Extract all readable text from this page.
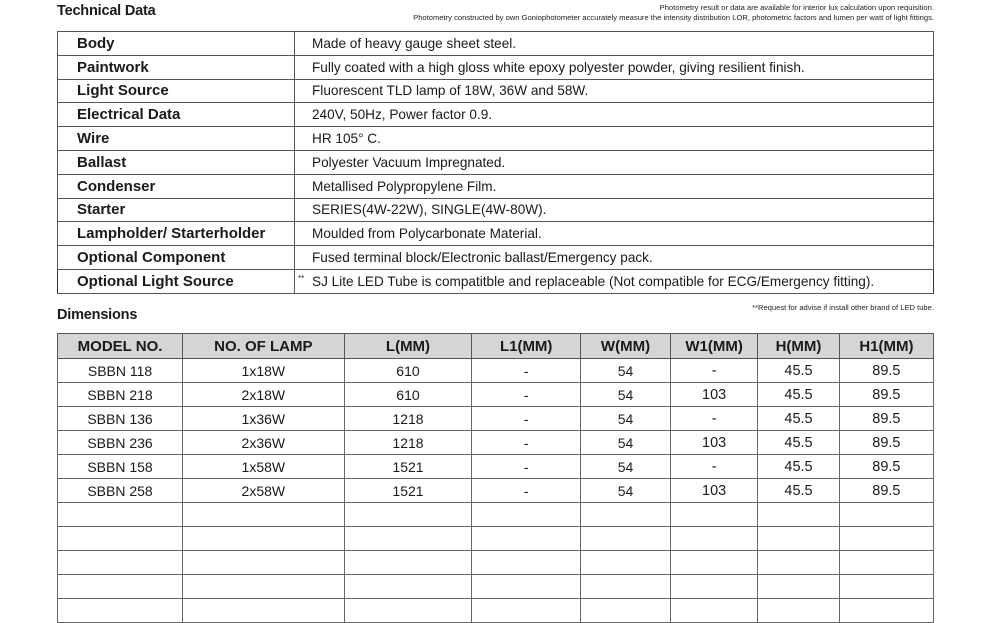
Technical Data	Photometry result or data are available for interior lux calculation upon requisition.
Photometry constructed by own Goniophotometer accurately measure the intensity distribution LOR, photometric factors and lumen per watt of light fittings.
Body	Made of heavy gauge sheet steel.
Paintwork	Fully coated with a high gloss white epoxy polyester powder, giving resilient finish.
Light Source	Fluorescent TLD lamp of 18W, 36W and 58W.
Electrical Data	240V, 50Hz, Power factor 0.9.
Wire	HR 105° C.
Ballast	Polyester Vacuum Impregnated.
Condenser	Metallised Polypropylene Film.
Starter	SERIES(4W-22W), SINGLE(4W-80W).
Lampholder/ Starterholder	Moulded from Polycarbonate Material.
Optional Component	Fused terminal block/Electronic ballast/Emergency pack.
Optional Light Source	** SJ Lite LED Tube is compatitble and replaceable (Not compatible for ECG/Emergency fitting).
Dimensions	**Request for advise if install other brand of LED tube.
MODEL NO.	NO. OF LAMP	L(MM)	L1(MM)	W(MM)	W1(MM)	H(MM)	H1(MM)
SBBN 118	1x18W	610	-	54	-	45.5	89.5
SBBN 218	2x18W	610	-	54	103	45.5	89.5
SBBN 136	1x36W	1218	-	54	-	45.5	89.5
SBBN 236	2x36W	1218	-	54	103	45.5	89.5
SBBN 158	1x58W	1521	-	54	-	45.5	89.5
SBBN 258	2x58W	1521	-	54	103	45.5	89.5
